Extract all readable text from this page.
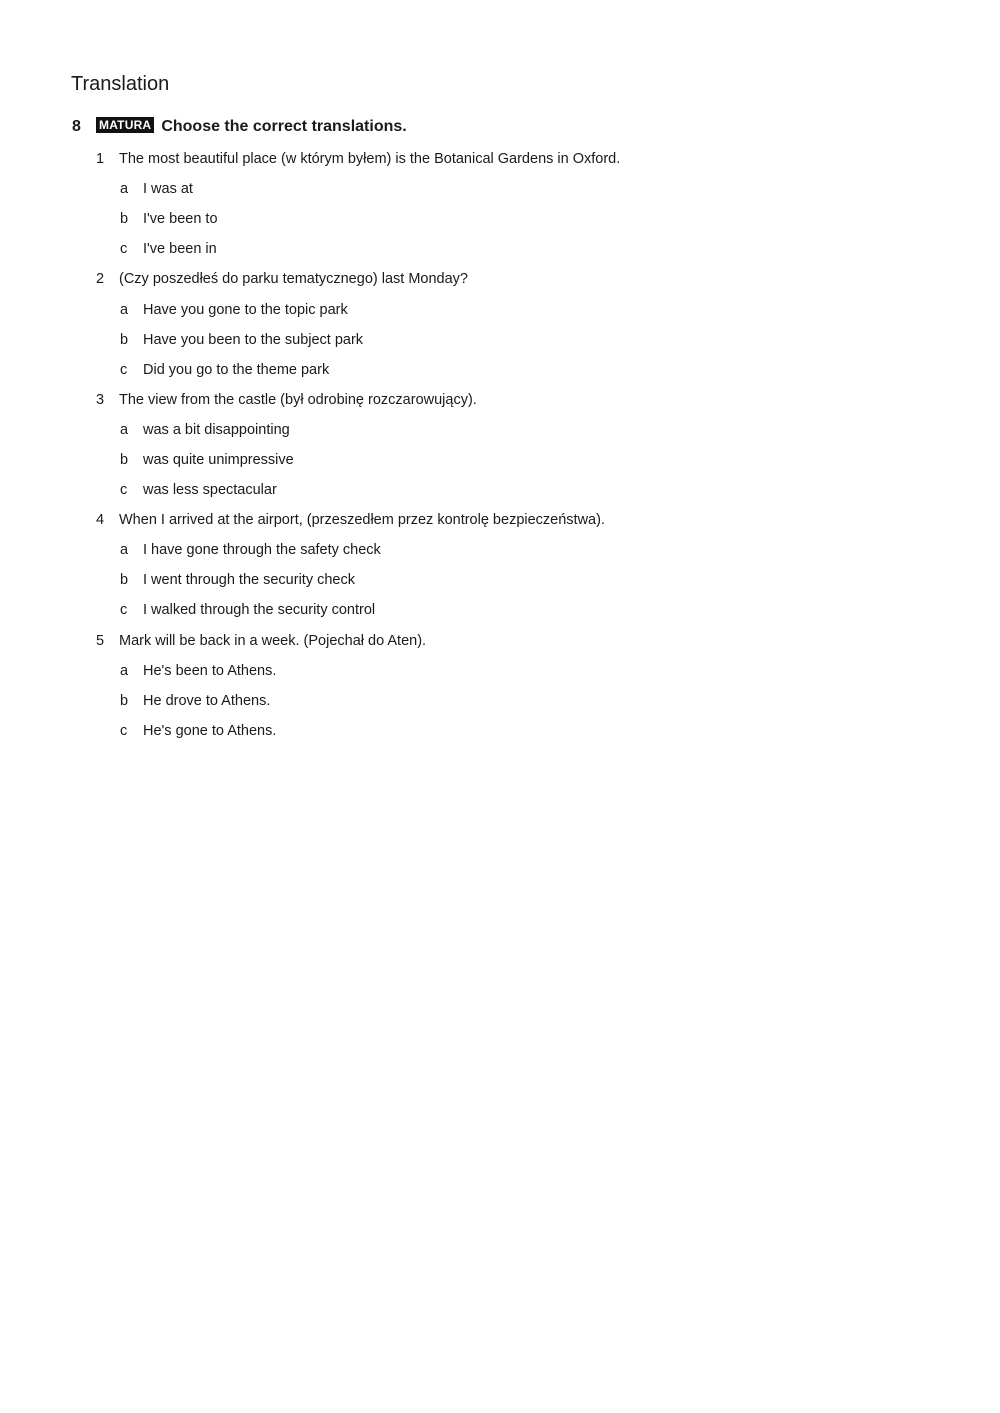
Translation
8	MATURA Choose the correct translations.
1	The most beautiful place (w którym byłem) is the Botanical Gardens in Oxford.
a	I was at
b	I've been to
c	I've been in
2	(Czy poszedłeś do parku tematycznego) last Monday?
a	Have you gone to the topic park
b	Have you been to the subject park
c	Did you go to the theme park
3	The view from the castle (był odrobinę rozczarowujący).
a	was a bit disappointing
b	was quite unimpressive
c	was less spectacular
4	When I arrived at the airport, (przeszedłem przez kontrolę bezpieczeństwa).
a	I have gone through the safety check
b	I went through the security check
c	I walked through the security control
5	Mark will be back in a week. (Pojechał do Aten).
a	He's been to Athens.
b	He drove to Athens.
c	He's gone to Athens.
